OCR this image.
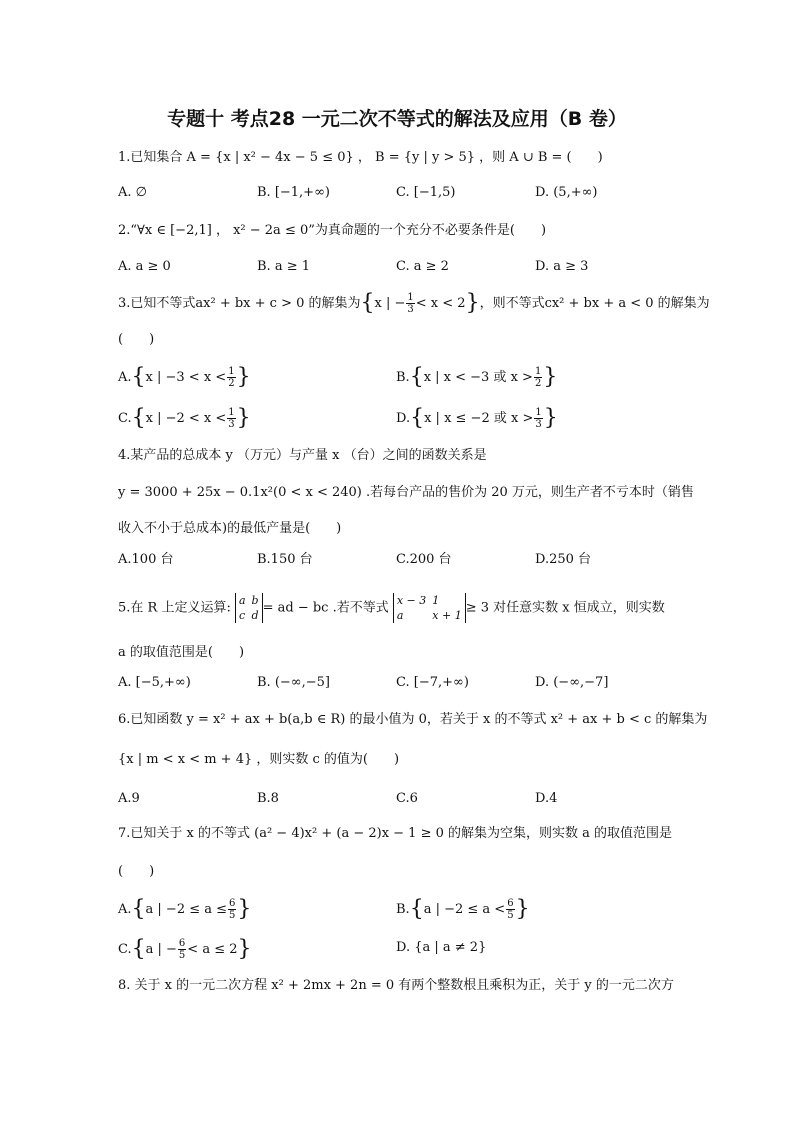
专题十 考点28 一元二次不等式的解法及应用（B 卷）
1.已知集合 A = {x | x² − 4x − 5 ≤ 0} ， B = {y | y > 5} ，则 A ∪ B = (　　)
A. ∅	B. [−1,+∞)	C. [−1,5)	D. (5,+∞)
2.“∀x ∈ [−2,1] ， x² − 2a ≤ 0”为真命题的一个充分不必要条件是(　　)
A. a ≥ 0	B. a ≥ 1	C. a ≥ 2	D. a ≥ 3
3.已知不等式ax² + bx + c > 0 的解集为{x | − $\frac{1}{3} < x < 2$}，则不等式cx² + bx + a < 0 的解集为
(　　)
A.{x | $-3 < x < \frac{1}{2}$ }	B.{x | x < −3 或 $x > \frac{1}{2}$ }
C.{x | $-2 < x < \frac{1}{3}$ }	D.{x | x ≤ −2 或 $x > \frac{1}{3}$ }
4.某产品的总成本 y （万元）与产量 x （台）之间的函数关系是
y = 3000 + 25x − 0.1x²(0 < x < 240) .若每台产品的售价为 20 万元，则生产者不亏本时（销售
收入不小于总成本)的最低产量是(　　)
A.100 台	B.150 台	C.200 台	D.250 台
5.在 R 上定义运算: a	b
c	d = ad − bc .若不等式 x − 3	1
a	x + 1 ≥ 3 对任意实数 x 恒成立，则实数
a 的取值范围是(　　)
A. [−5,+∞)	B. (−∞,−5]	C. [−7,+∞)	D. (−∞,−7]
6.已知函数 y = x² + ax + b(a,b ∈ R) 的最小值为 0，若关于 x 的不等式 x² + ax + b < c 的解集为
{x | m < x < m + 4} ，则实数 c 的值为(　　)
A.9	B.8	C.6	D.4
7.已知关于 x 的不等式 (a² − 4)x² + (a − 2)x − 1 ≥ 0 的解集为空集，则实数 a 的取值范围是
(　　)
A.{a | $-2 \le a \le \frac{6}{5}$ }	B.{a | $-2 \le a < \frac{6}{5}$ }
C.{a | − $\frac{6}{5} < a \le 2$}	D. {a | a ≠ 2}
8. 关于 x 的一元二次方程 x² + 2mx + 2n = 0 有两个整数根且乘积为正，关于 y 的一元二次方
